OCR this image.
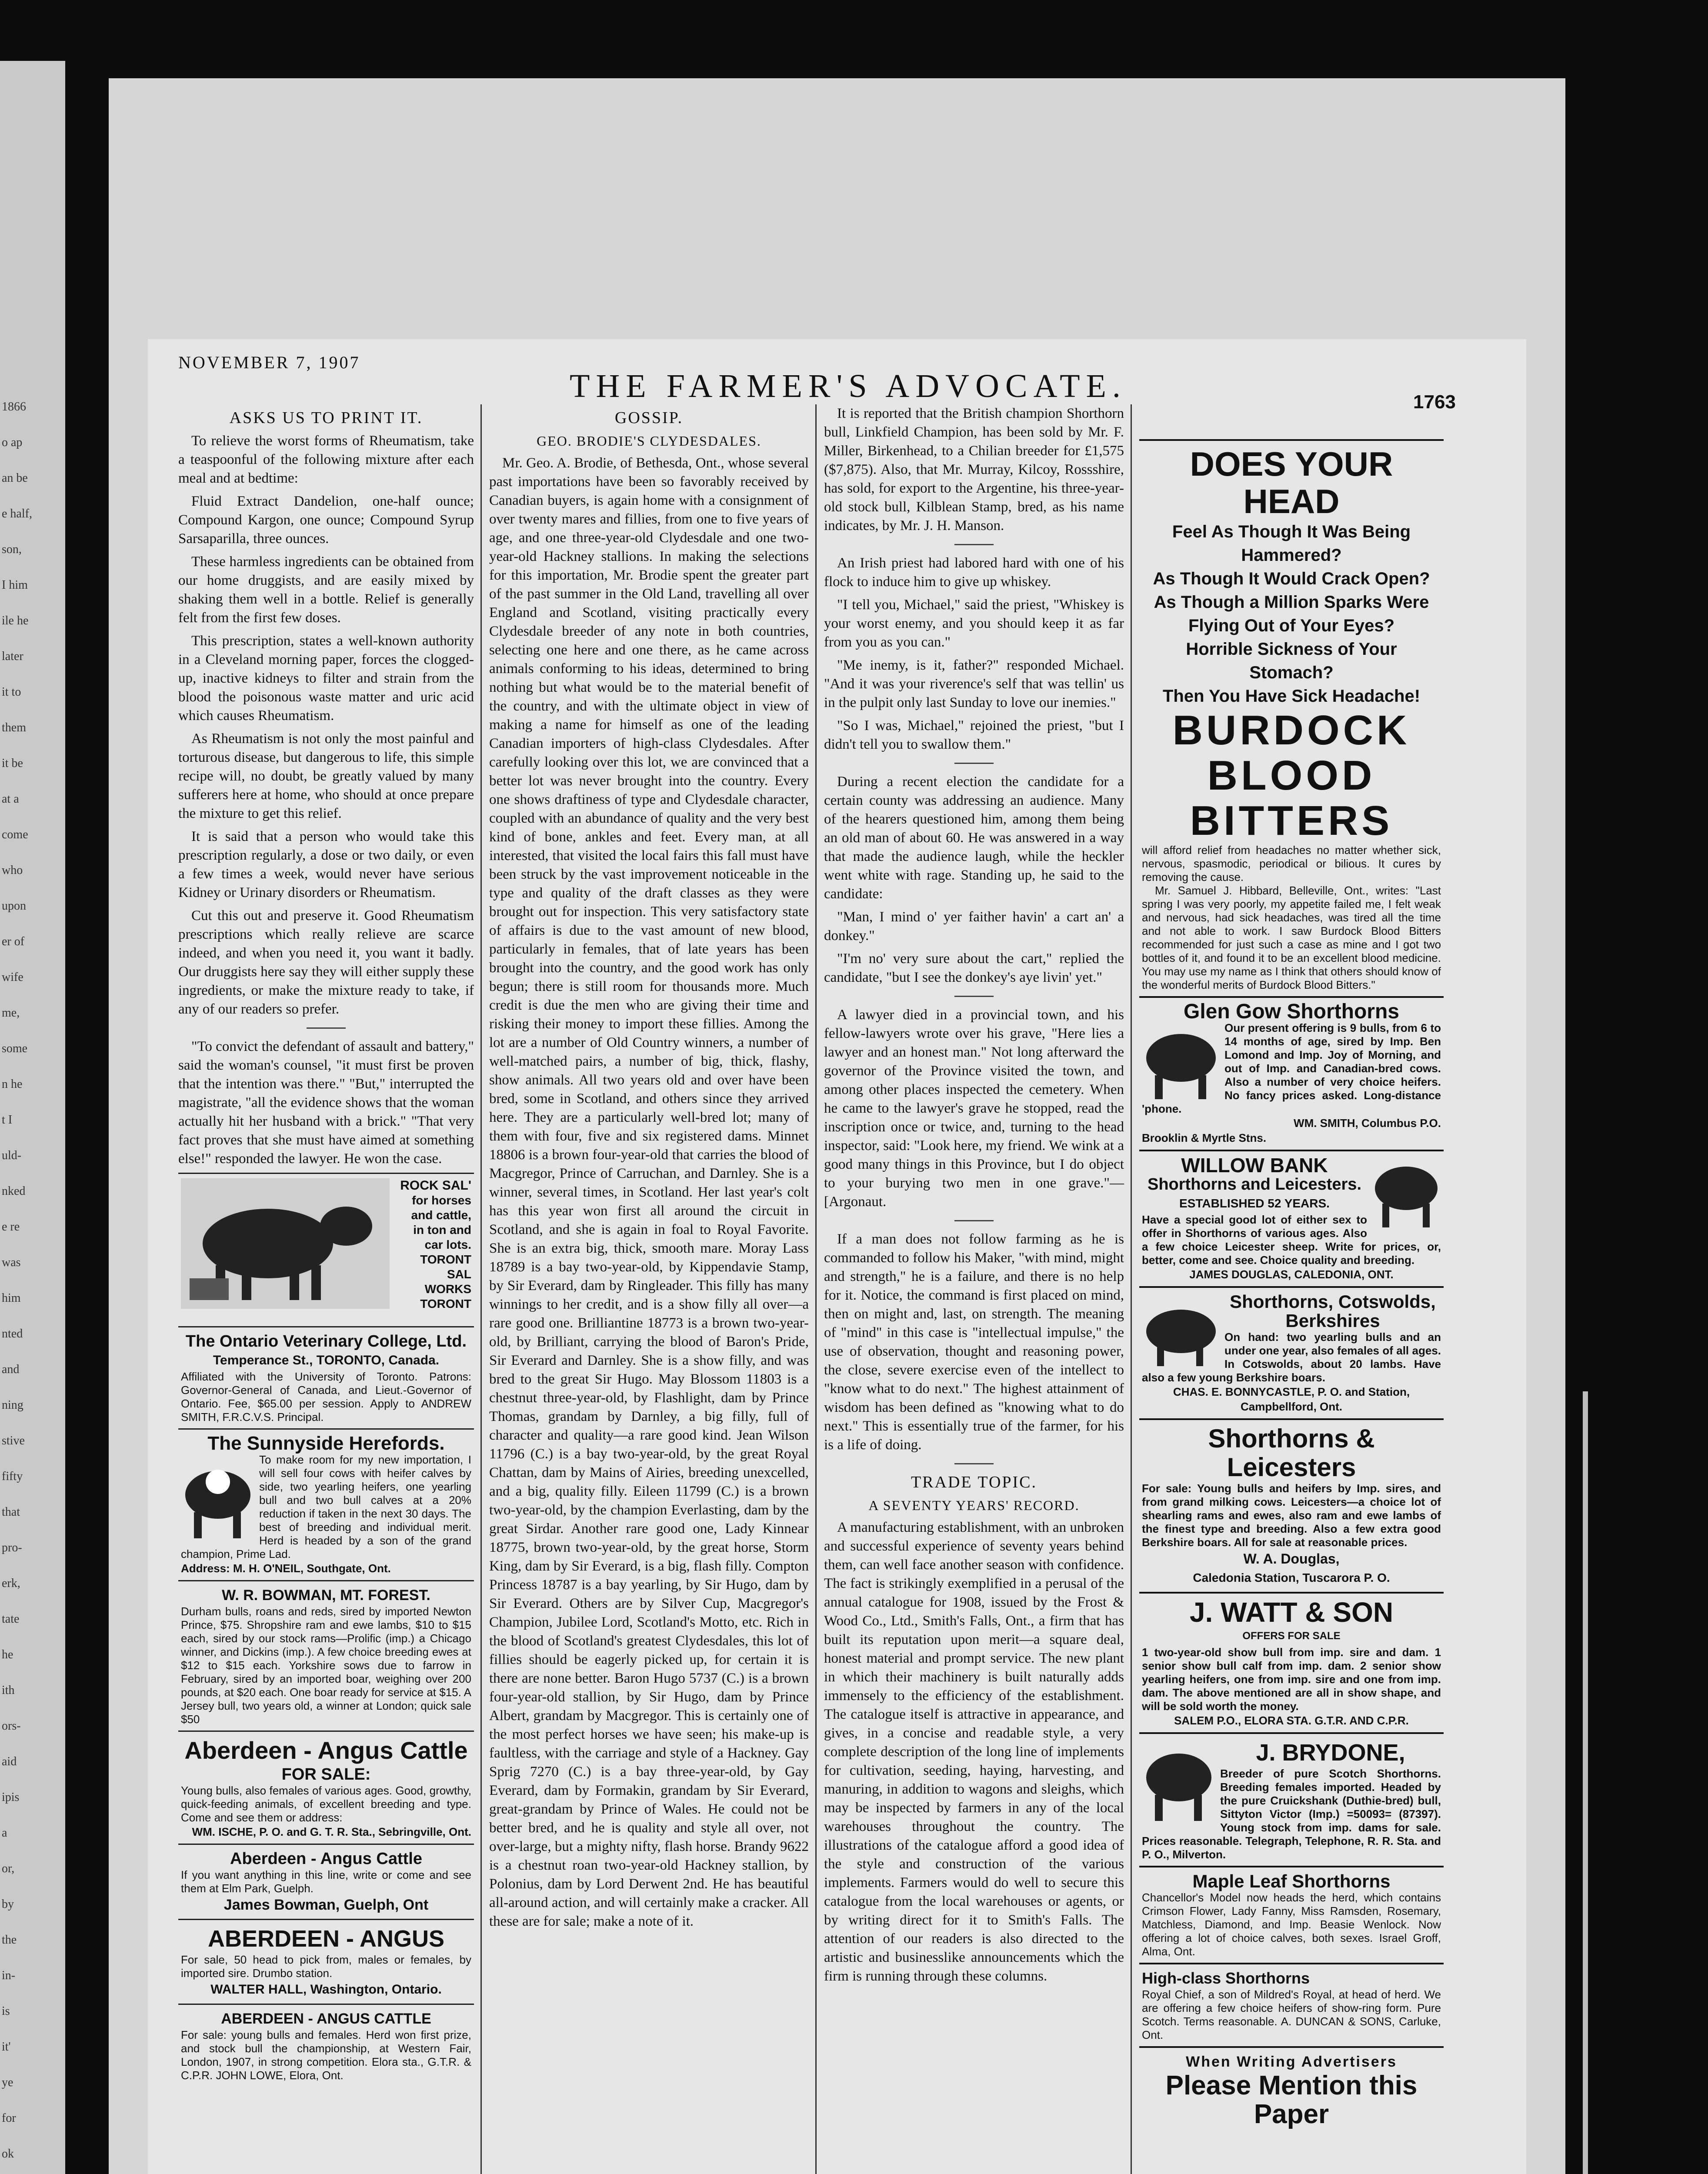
1866
o ap
an be
e half,
son,
I him
ile he
later
it to
them
it be
at a
come
who
upon
er of
wife
me,
some
n he
t I
uld-
nked
e re
was
him
nted
and
ning
stive
fifty
that
pro-
erk,
tate
he
ith
ors-
aid
ipis
a
or,
by
the
in-
is
it'
ye
for
ok
NOVEMBER 7, 1907
THE FARMER'S ADVOCATE.	1763
ASKS US TO PRINT IT.

To relieve the worst forms of Rheumatism, take a teaspoonful of the following mixture after each meal and at bedtime:

Fluid Extract Dandelion, one-half ounce; Compound Kargon, one ounce; Compound Syrup Sarsaparilla, three ounces.

These harmless ingredients can be obtained from our home druggists, and are easily mixed by shaking them well in a bottle. Relief is generally felt from the first few doses.

This prescription, states a well-known authority in a Cleveland morning paper, forces the clogged-up, inactive kidneys to filter and strain from the blood the poisonous waste matter and uric acid which causes Rheumatism.

As Rheumatism is not only the most painful and torturous disease, but dangerous to life, this simple recipe will, no doubt, be greatly valued by many sufferers here at home, who should at once prepare the mixture to get this relief.

It is said that a person who would take this prescription regularly, a dose or two daily, or even a few times a week, would never have serious Kidney or Urinary disorders or Rheumatism.

Cut this out and preserve it. Good Rheumatism prescriptions which really relieve are scarce indeed, and when you need it, you want it badly. Our druggists here say they will either supply these ingredients, or make the mixture ready to take, if any of our readers so prefer.

"To convict the defendant of assault and battery," said the woman's counsel, "it must first be proven that the intention was there." "But," interrupted the magistrate, "all the evidence shows that the woman actually hit her husband with a brick." "That very fact proves that she must have aimed at something else!" responded the lawyer. He won the case.

ROCK SAL'
for horses
and cattle,
in ton and
car lots.
TORONT
SAL
WORKS
TORONT
The Ontario Veterinary College, Ltd.
Temperance St., TORONTO, Canada.
Affiliated with the University of Toronto. Patrons: Governor-General of Canada, and Lieut.-Governor of Ontario. Fee, $65.00 per session. Apply to ANDREW SMITH, F.R.C.V.S. Principal.
The Sunnyside Herefords.
To make room for my new importation, I will sell four cows with heifer calves by side, two yearling heifers, one yearling bull and two bull calves at a 20% reduction if taken in the next 30 days. The best of breeding and individual merit. Herd is headed by a son of the grand champion, Prime Lad.
Address: M. H. O'NEIL, Southgate, Ont.
W. R. BOWMAN, MT. FOREST.
Durham bulls, roans and reds, sired by imported Newton Prince, $75. Shropshire ram and ewe lambs, $10 to $15 each, sired by our stock rams—Prolific (imp.) a Chicago winner, and Dickins (imp.). A few choice breeding ewes at $12 to $15 each. Yorkshire sows due to farrow in February, sired by an imported boar, weighing over 200 pounds, at $20 each. One boar ready for service at $15. A Jersey bull, two years old, a winner at London; quick sale $50
Aberdeen - Angus Cattle
FOR SALE:
Young bulls, also females of various ages. Good, growthy, quick-feeding animals, of excellent breeding and type. Come and see them or address:
WM. ISCHE, P. O. and G. T. R. Sta., Sebringville, Ont.
Aberdeen - Angus Cattle
If you want anything in this line, write or come and see them at Elm Park, Guelph.
James Bowman, Guelph, Ont
ABERDEEN - ANGUS
For sale, 50 head to pick from, males or females, by imported sire. Drumbo station.
WALTER HALL, Washington, Ontario.
ABERDEEN - ANGUS CATTLE
For sale: young bulls and females. Herd won first prize, and stock bull the championship, at Western Fair, London, 1907, in strong competition. Elora sta., G.T.R. & C.P.R. JOHN LOWE, Elora, Ont.
GOSSIP.
GEO. BRODIE'S CLYDESDALES.

Mr. Geo. A. Brodie, of Bethesda, Ont., whose several past importations have been so favorably received by Canadian buyers, is again home with a consignment of over twenty mares and fillies, from one to five years of age, and one three-year-old Clydesdale and one two-year-old Hackney stallions. In making the selections for this importation, Mr. Brodie spent the greater part of the past summer in the Old Land, travelling all over England and Scotland, visiting practically every Clydesdale breeder of any note in both countries, selecting one here and one there, as he came across animals conforming to his ideas, determined to bring nothing but what would be to the material benefit of the country, and with the ultimate object in view of making a name for himself as one of the leading Canadian importers of high-class Clydesdales. After carefully looking over this lot, we are convinced that a better lot was never brought into the country. Every one shows draftiness of type and Clydesdale character, coupled with an abundance of quality and the very best kind of bone, ankles and feet. Every man, at all interested, that visited the local fairs this fall must have been struck by the vast improvement noticeable in the type and quality of the draft classes as they were brought out for inspection. This very satisfactory state of affairs is due to the vast amount of new blood, particularly in females, that of late years has been brought into the country, and the good work has only begun; there is still room for thousands more. Much credit is due the men who are giving their time and risking their money to import these fillies. Among the lot are a number of Old Country winners, a number of well-matched pairs, a number of big, thick, flashy, show animals. All two years old and over have been bred, some in Scotland, and others since they arrived here. They are a particularly well-bred lot; many of them with four, five and six registered dams. Minnet 18806 is a brown four-year-old that carries the blood of Macgregor, Prince of Carruchan, and Darnley. She is a winner, several times, in Scotland. Her last year's colt has this year won first all around the circuit in Scotland, and she is again in foal to Royal Favorite. She is an extra big, thick, smooth mare. Moray Lass 18789 is a bay two-year-old, by Kippendavie Stamp, by Sir Everard, dam by Ringleader. This filly has many winnings to her credit, and is a show filly all over—a rare good one. Brilliantine 18773 is a brown two-year-old, by Brilliant, carrying the blood of Baron's Pride, Sir Everard and Darnley. She is a show filly, and was bred to the great Sir Hugo. May Blossom 11803 is a chestnut three-year-old, by Flashlight, dam by Prince Thomas, grandam by Darnley, a big filly, full of character and quality—a rare good kind. Jean Wilson 11796 (C.) is a bay two-year-old, by the great Royal Chattan, dam by Mains of Airies, breeding unexcelled, and a big, quality filly. Eileen 11799 (C.) is a brown two-year-old, by the champion Everlasting, dam by the great Sirdar. Another rare good one, Lady Kinnear 18775, brown two-year-old, by the great horse, Storm King, dam by Sir Everard, is a big, flash filly. Compton Princess 18787 is a bay yearling, by Sir Hugo, dam by Sir Everard. Others are by Silver Cup, Macgregor's Champion, Jubilee Lord, Scotland's Motto, etc. Rich in the blood of Scotland's greatest Clydesdales, this lot of fillies should be eagerly picked up, for certain it is there are none better. Baron Hugo 5737 (C.) is a brown four-year-old stallion, by Sir Hugo, dam by Prince Albert, grandam by Macgregor. This is certainly one of the most perfect horses we have seen; his make-up is faultless, with the carriage and style of a Hackney. Gay Sprig 7270 (C.) is a bay three-year-old, by Gay Everard, dam by Formakin, grandam by Sir Everard, great-grandam by Prince of Wales. He could not be better bred, and he is quality and style all over, not over-large, but a mighty nifty, flash horse. Brandy 9622 is a chestnut roan two-year-old Hackney stallion, by Polonius, dam by Lord Derwent 2nd. He has beautiful all-around action, and will certainly make a cracker. All these are for sale; make a note of it.

It is reported that the British champion Shorthorn bull, Linkfield Champion, has been sold by Mr. F. Miller, Birkenhead, to a Chilian breeder for £1,575 ($7,875). Also, that Mr. Murray, Kilcoy, Rossshire, has sold, for export to the Argentine, his three-year-old stock bull, Kilblean Stamp, bred, as his name indicates, by Mr. J. H. Manson.

An Irish priest had labored hard with one of his flock to induce him to give up whiskey.

"I tell you, Michael," said the priest, "Whiskey is your worst enemy, and you should keep it as far from you as you can."

"Me inemy, is it, father?" responded Michael. "And it was your riverence's self that was tellin' us in the pulpit only last Sunday to love our inemies."

"So I was, Michael," rejoined the priest, "but I didn't tell you to swallow them."

During a recent election the candidate for a certain county was addressing an audience. Many of the hearers questioned him, among them being an old man of about 60. He was answered in a way that made the audience laugh, while the heckler went white with rage. Standing up, he said to the candidate:

"Man, I mind o' yer faither havin' a cart an' a donkey."

"I'm no' very sure about the cart," replied the candidate, "but I see the donkey's aye livin' yet."

A lawyer died in a provincial town, and his fellow-lawyers wrote over his grave, "Here lies a lawyer and an honest man." Not long afterward the governor of the Province visited the town, and among other places inspected the cemetery. When he came to the lawyer's grave he stopped, read the inscription once or twice, and, turning to the head inspector, said: "Look here, my friend. We wink at a good many things in this Province, but I do object to your burying two men in one grave."—[Argonaut.

If a man does not follow farming as he is commanded to follow his Maker, "with mind, might and strength," he is a failure, and there is no help for it. Notice, the command is first placed on mind, then on might and, last, on strength. The meaning of "mind" in this case is "intellectual impulse," the use of observation, thought and reasoning power, the close, severe exercise even of the intellect to "know what to do next." The highest attainment of wisdom has been defined as "knowing what to do next." This is essentially true of the farmer, for his is a life of doing.

TRADE TOPIC.
A SEVENTY YEARS' RECORD.

A manufacturing establishment, with an unbroken and successful experience of seventy years behind them, can well face another season with confidence. The fact is strikingly exemplified in a perusal of the annual catalogue for 1908, issued by the Frost & Wood Co., Ltd., Smith's Falls, Ont., a firm that has built its reputation upon merit—a square deal, honest material and prompt service. The new plant in which their machinery is built naturally adds immensely to the efficiency of the establishment. The catalogue itself is attractive in appearance, and gives, in a concise and readable style, a very complete description of the long line of implements for cultivation, seeding, haying, harvesting, and manuring, in addition to wagons and sleighs, which may be inspected by farmers in any of the local warehouses throughout the country. The illustrations of the catalogue afford a good idea of the style and construction of the various implements. Farmers would do well to secure this catalogue from the local warehouses or agents, or by writing direct for it to Smith's Falls. The attention of our readers is also directed to the artistic and businesslike announcements which the firm is running through these columns.

DOES YOUR HEAD
Feel As Though It Was Being Hammered?
As Though It Would Crack Open?
As Though a Million Sparks Were Flying Out of Your Eyes?
Horrible Sickness of Your Stomach?
Then You Have Sick Headache!
BURDOCK
BLOOD
BITTERS
will afford relief from headaches no matter whether sick, nervous, spasmodic, periodical or bilious. It cures by removing the cause.
Mr. Samuel J. Hibbard, Belleville, Ont., writes: "Last spring I was very poorly, my appetite failed me, I felt weak and nervous, had sick headaches, was tired all the time and not able to work. I saw Burdock Blood Bitters recommended for just such a case as mine and I got two bottles of it, and found it to be an excellent blood medicine. You may use my name as I think that others should know of the wonderful merits of Burdock Blood Bitters."
Glen Gow Shorthorns
Our present offering is 9 bulls, from 6 to 14 months of age, sired by Imp. Ben Lomond and Imp. Joy of Morning, and out of Imp. and Canadian-bred cows. Also a number of very choice heifers. No fancy prices asked. Long-distance 'phone.
WM. SMITH, Columbus P.O.
Brooklin & Myrtle Stns.
WILLOW BANK
Shorthorns and Leicesters.
ESTABLISHED 52 YEARS.
Have a special good lot of either sex to offer in Shorthorns of various ages. Also a few choice Leicester sheep. Write for prices, or, better, come and see. Choice quality and breeding.
JAMES DOUGLAS, CALEDONIA, ONT.
Shorthorns, Cotswolds, Berkshires
On hand: two yearling bulls and an under one year, also females of all ages. In Cotswolds, about 20 lambs. Have also a few young Berkshire boars.
CHAS. E. BONNYCASTLE, P. O. and Station, Campbellford, Ont.
Shorthorns & Leicesters
For sale: Young bulls and heifers by Imp. sires, and from grand milking cows. Leicesters—a choice lot of shearling rams and ewes, also ram and ewe lambs of the finest type and breeding. Also a few extra good Berkshire boars. All for sale at reasonable prices.
W. A. Douglas,
Caledonia Station, Tuscarora P. O.
J. WATT & SON
OFFERS FOR SALE
1 two-year-old show bull from imp. sire and dam. 1 senior show bull calf from imp. dam. 2 senior show yearling heifers, one from imp. sire and one from imp. dam. The above mentioned are all in show shape, and will be sold worth the money.
SALEM P.O., ELORA STA. G.T.R. AND C.P.R.
J. BRYDONE,
Breeder of pure Scotch Shorthorns. Breeding females imported. Headed by the pure Cruickshank (Duthie-bred) bull, Sittyton Victor (Imp.) =50093= (87397). Young stock from imp. dams for sale. Prices reasonable. Telegraph, Telephone, R. R. Sta. and P. O., Milverton.
Maple Leaf Shorthorns
Chancellor's Model now heads the herd, which contains Crimson Flower, Lady Fanny, Miss Ramsden, Rosemary, Matchless, Diamond, and Imp. Beasie Wenlock. Now offering a lot of choice calves, both sexes. Israel Groff, Alma, Ont.
High-class Shorthorns
Royal Chief, a son of Mildred's Royal, at head of herd. We are offering a few choice heifers of show-ring form. Pure Scotch. Terms reasonable. A. DUNCAN & SONS, Carluke, Ont.
When Writing Advertisers
Please Mention this Paper
